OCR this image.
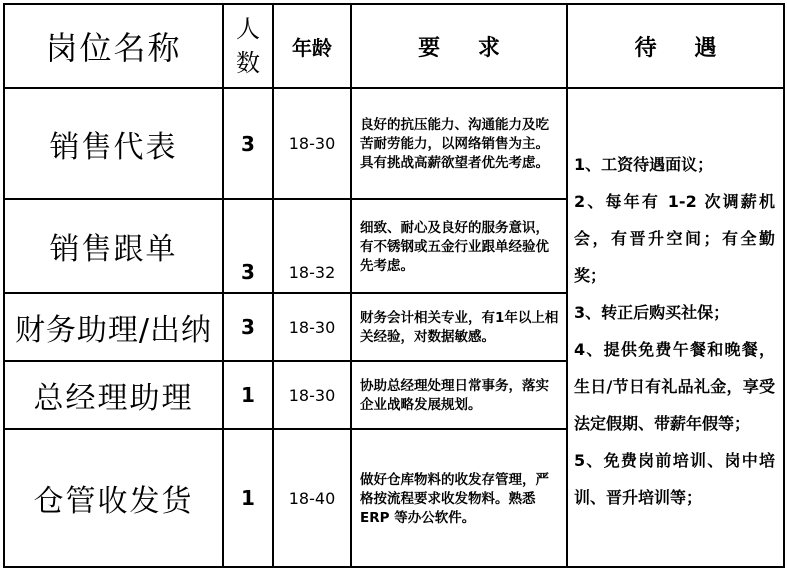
岗位名称	人数	年龄	要 求	待 遇
销售代表	3	18-30	良好的抗压能力、沟通能力及吃苦耐劳能力，以网络销售为主。具有挑战高薪欲望者优先考虑。	1、工资待遇面议；
2、每年有 1-2 次调薪机会，有晋升空间；有全勤奖；
3、转正后购买社保；
4、提供免费午餐和晚餐，生日/节日有礼品礼金，享受法定假期、带薪年假等；
5、免费岗前培训、岗中培训、晋升培训等；

销售跟单	3	18-32	细致、耐心及良好的服务意识，有不锈钢或五金行业跟单经验优先考虑。	
财务助理/出纳	3	18-30	财务会计相关专业，有1年以上相关经验，对数据敏感。	
总经理助理	1	18-30	协助总经理处理日常事务，落实企业战略发展规划。	
仓管收发货	1	18-40	做好仓库物料的收发存管理，严格按流程要求收发物料。熟悉 ERP 等办公软件。	
